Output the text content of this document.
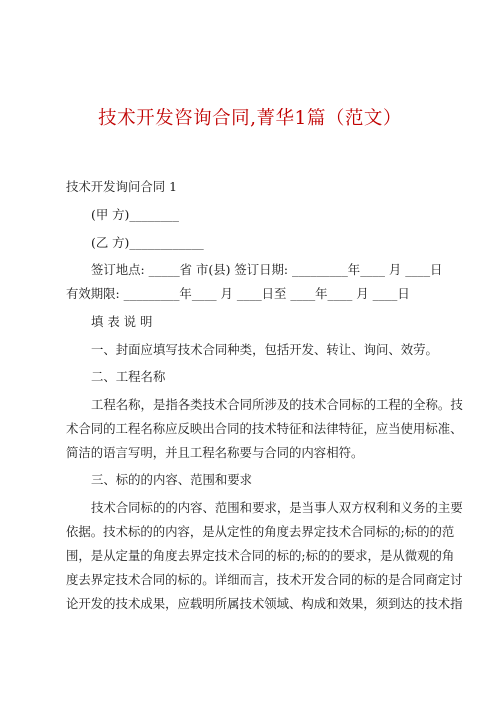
技术开发咨询合同,菁华1篇（范文）
技术开发询问合同 1
(甲 方)________
(乙 方)____________
签订地点: _____省 市(县) 签订日期: _________年____ 月 ____日
有效期限: _________年____ 月 ____日至 ____年____ 月 ____日
填 表 说 明
一、封面应填写技术合同种类，包括开发、转让、询问、效劳。
二、工程名称
工程名称，是指各类技术合同所涉及的技术合同标的工程的全称。技
术合同的工程名称应反映出合同的技术特征和法律特征，应当使用标准、
简洁的语言写明，并且工程名称要与合同的内容相符。
三、标的的内容、范围和要求
技术合同标的的内容、范围和要求，是当事人双方权利和义务的主要
依据。技术标的的内容，是从定性的角度去界定技术合同标的;标的的范
围，是从定量的角度去界定技术合同的标的;标的的要求，是从微观的角
度去界定技术合同的标的。详细而言，技术开发合同的标的是合同商定讨
论开发的技术成果，应载明所属技术领域、构成和效果，须到达的技术指
